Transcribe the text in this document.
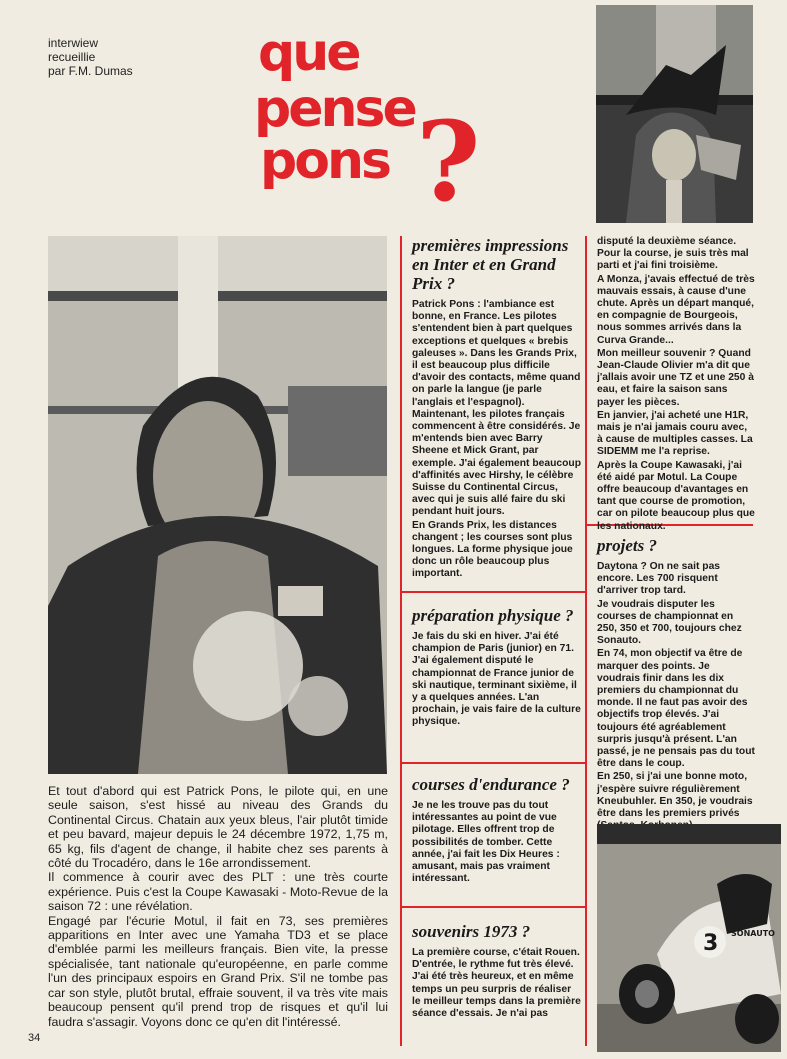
interwiew
recueillie
par F.M. Dumas que
pense
pons ?

Et tout d'abord qui est Patrick Pons, le pilote qui, en une seule saison, s'est hissé au niveau des Grands du Continental Circus. Chatain aux yeux bleus, l'air plutôt timide et peu bavard, majeur depuis le 24 décembre 1972, 1,75 m, 65 kg, fils d'agent de change, il habite chez ses parents à côté du Trocadéro, dans le 16e arrondissement.

Il commence à courir avec des PLT : une très courte expérience. Puis c'est la Coupe Kawasaki - Moto-Revue de la saison 72 : une révélation.

Engagé par l'écurie Motul, il fait en 73, ses premières apparitions en Inter avec une Yamaha TD3 et se place d'emblée parmi les meilleurs français. Bien vite, la presse spécialisée, tant nationale qu'européenne, en parle comme l'un des principaux espoirs en Grand Prix. S'il ne tombe pas car son style, plutôt brutal, effraie souvent, il va très vite mais beaucoup pensent qu'il prend trop de risques et qu'il lui faudra s'assagir. Voyons donc ce qu'en dit l'intéressé.

premières impressions en Inter et en Grand Prix ?

Patrick Pons : l'ambiance est bonne, en France. Les pilotes s'entendent bien à part quelques exceptions et quelques « brebis galeuses ». Dans les Grands Prix, il est beaucoup plus difficile d'avoir des contacts, même quand on parle la langue (je parle l'anglais et l'espagnol). Maintenant, les pilotes français commencent à être considérés. Je m'entends bien avec Barry Sheene et Mick Grant, par exemple. J'ai également beaucoup d'affinités avec Hirshy, le célèbre Suisse du Continental Circus, avec qui je suis allé faire du ski pendant huit jours.

En Grands Prix, les distances changent ; les courses sont plus longues. La forme physique joue donc un rôle beaucoup plus important.

préparation physique ?

Je fais du ski en hiver. J'ai été champion de Paris (junior) en 71. J'ai également disputé le championnat de France junior de ski nautique, terminant sixième, il y a quelques années. L'an prochain, je vais faire de la culture physique.

courses d'endurance ?

Je ne les trouve pas du tout intéressantes au point de vue pilotage. Elles offrent trop de possibilités de tomber. Cette année, j'ai fait les Dix Heures : amusant, mais pas vraiment intéressant.

souvenirs 1973 ?

La première course, c'était Rouen. D'entrée, le rythme fut très élevé. J'ai été très heureux, et en même temps un peu surpris de réaliser le meilleur temps dans la première séance d'essais. Je n'ai pas

disputé la deuxième séance. Pour la course, je suis très mal parti et j'ai fini troisième.

A Monza, j'avais effectué de très mauvais essais, à cause d'une chute. Après un départ manqué, en compagnie de Bourgeois, nous sommes arrivés dans la Curva Grande...

Mon meilleur souvenir ? Quand Jean-Claude Olivier m'a dit que j'allais avoir une TZ et une 250 à eau, et faire la saison sans payer les pièces.

En janvier, j'ai acheté une H1R, mais je n'ai jamais couru avec, à cause de multiples casses. La SIDEMM me l'a reprise.

Après la Coupe Kawasaki, j'ai été aidé par Motul. La Coupe offre beaucoup d'avantages en tant que course de promotion, car on pilote beaucoup plus que les nationaux.

projets ?

Daytona ? On ne sait pas encore. Les 700 risquent d'arriver trop tard.

Je voudrais disputer les courses de championnat en 250, 350 et 700, toujours chez Sonauto.

En 74, mon objectif va être de marquer des points. Je voudrais finir dans les dix premiers du championnat du monde. Il ne faut pas avoir des objectifs trop élevés. J'ai toujours été agréablement surpris jusqu'à présent. L'an passé, je ne pensais pas du tout être dans le coup.

En 250, si j'ai une bonne moto, j'espère suivre régulièrement Kneubuhler. En 350, je voudrais être dans les premiers privés

3 SONAUTO
34
